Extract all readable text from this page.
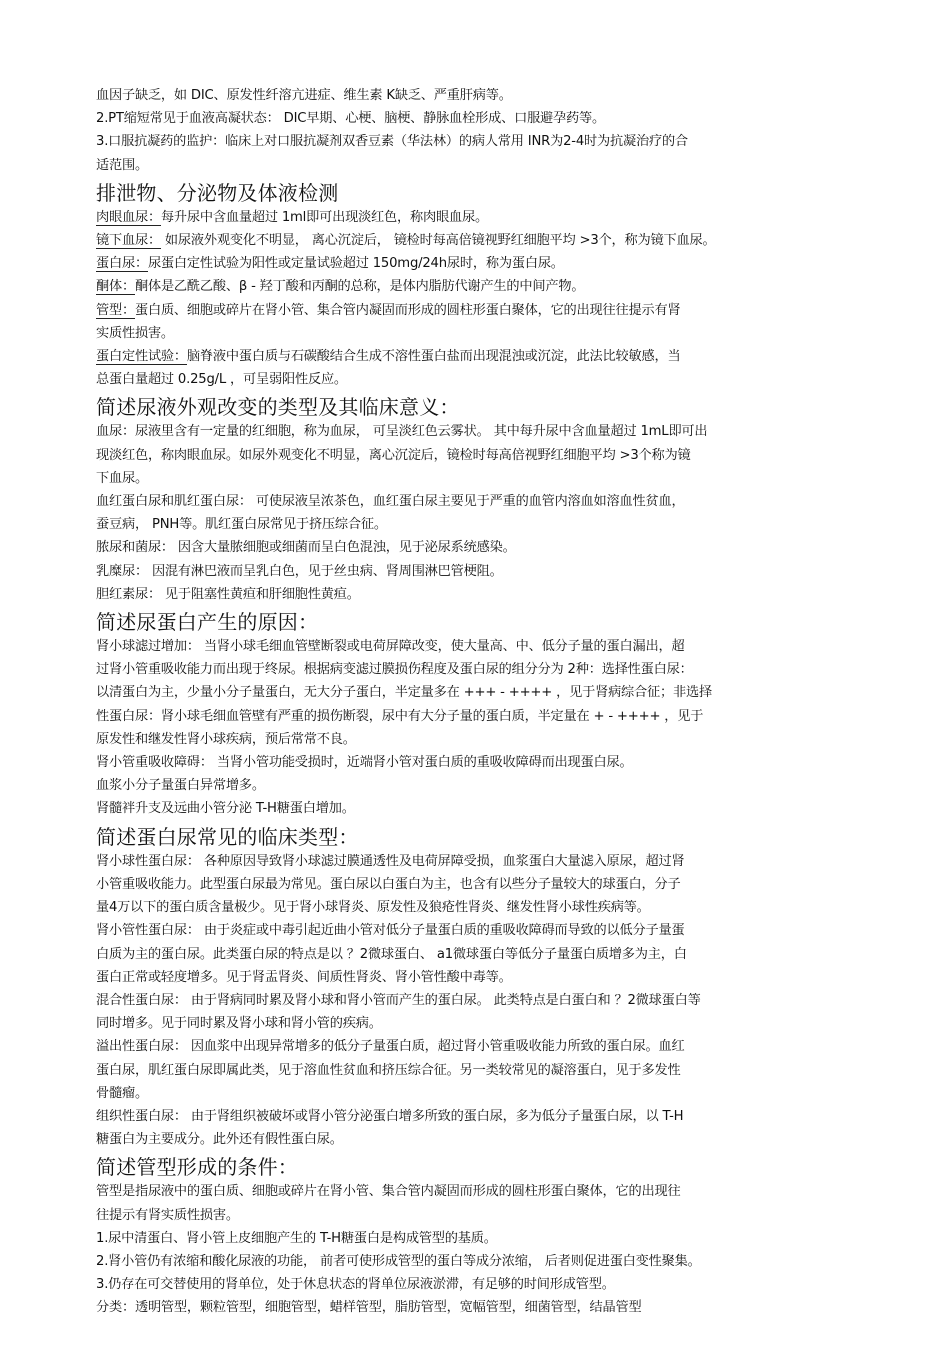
血因子缺乏，如 DIC、原发性纤溶亢进症、维生素 K缺乏、严重肝病等。
2.PT缩短常见于血液高凝状态： DIC早期、心梗、脑梗、静脉血栓形成、口服避孕药等。
3.口服抗凝药的监护：临床上对口服抗凝剂双香豆素（华法林）的病人常用 INR为2-4时为抗凝治疗的合
适范围。
排泄物、分泌物及体液检测
肉眼血尿：每升尿中含血量超过 1ml即可出现淡红色，称肉眼血尿。
镜下血尿： 如尿液外观变化不明显， 离心沉淀后， 镜检时每高倍镜视野红细胞平均 >3个，称为镜下血尿。
蛋白尿：尿蛋白定性试验为阳性或定量试验超过 150mg/24h尿时，称为蛋白尿。
酮体：酮体是乙酰乙酸、β - 羟丁酸和丙酮的总称，是体内脂肪代谢产生的中间产物。
管型：蛋白质、细胞或碎片在肾小管、集合管内凝固而形成的圆柱形蛋白聚体，它的出现往往提示有肾
实质性损害。
蛋白定性试验：脑脊液中蛋白质与石碳酸结合生成不溶性蛋白盐而出现混浊或沉淀，此法比较敏感，当
总蛋白量超过 0.25g/L ，可呈弱阳性反应。
简述尿液外观改变的类型及其临床意义：
血尿：尿液里含有一定量的红细胞，称为血尿， 可呈淡红色云雾状。 其中每升尿中含血量超过 1mL即可出
现淡红色，称肉眼血尿。如尿外观变化不明显，离心沉淀后，镜检时每高倍视野红细胞平均 >3个称为镜
下血尿。
血红蛋白尿和肌红蛋白尿： 可使尿液呈浓茶色，血红蛋白尿主要见于严重的血管内溶血如溶血性贫血，
蚕豆病， PNH等。肌红蛋白尿常见于挤压综合征。
脓尿和菌尿： 因含大量脓细胞或细菌而呈白色混浊，见于泌尿系统感染。
乳糜尿： 因混有淋巴液而呈乳白色，见于丝虫病、肾周围淋巴管梗阻。
胆红素尿： 见于阻塞性黄疸和肝细胞性黄疸。
简述尿蛋白产生的原因：
肾小球滤过增加： 当肾小球毛细血管壁断裂或电荷屏障改变，使大量高、中、低分子量的蛋白漏出，超
过肾小管重吸收能力而出现于终尿。根据病变滤过膜损伤程度及蛋白尿的组分分为 2种：选择性蛋白尿：
以清蛋白为主，少量小分子量蛋白，无大分子蛋白，半定量多在 +++ - ++++ ，见于肾病综合征；非选择
性蛋白尿：肾小球毛细血管壁有严重的损伤断裂，尿中有大分子量的蛋白质，半定量在 + - ++++ ，见于
原发性和继发性肾小球疾病，预后常常不良。
肾小管重吸收障碍： 当肾小管功能受损时，近端肾小管对蛋白质的重吸收障碍而出现蛋白尿。
血浆小分子量蛋白异常增多。
肾髓袢升支及远曲小管分泌 T-H糖蛋白增加。
简述蛋白尿常见的临床类型：
肾小球性蛋白尿： 各种原因导致肾小球滤过膜通透性及电荷屏障受损，血浆蛋白大量滤入原尿，超过肾
小管重吸收能力。此型蛋白尿最为常见。蛋白尿以白蛋白为主，也含有以些分子量较大的球蛋白，分子
量4万以下的蛋白质含量极少。见于肾小球肾炎、原发性及狼疮性肾炎、继发性肾小球性疾病等。
肾小管性蛋白尿： 由于炎症或中毒引起近曲小管对低分子量蛋白质的重吸收障碍而导致的以低分子量蛋
白质为主的蛋白尿。此类蛋白尿的特点是以 ？2微球蛋白、 a1微球蛋白等低分子量蛋白质增多为主，白
蛋白正常或轻度增多。见于肾盂肾炎、间质性肾炎、肾小管性酸中毒等。
混合性蛋白尿： 由于肾病同时累及肾小球和肾小管而产生的蛋白尿。 此类特点是白蛋白和 ？2微球蛋白等
同时增多。见于同时累及肾小球和肾小管的疾病。
溢出性蛋白尿： 因血浆中出现异常增多的低分子量蛋白质，超过肾小管重吸收能力所致的蛋白尿。血红
蛋白尿，肌红蛋白尿即属此类，见于溶血性贫血和挤压综合征。另一类较常见的凝溶蛋白，见于多发性
骨髓瘤。
组织性蛋白尿： 由于肾组织被破坏或肾小管分泌蛋白增多所致的蛋白尿，多为低分子量蛋白尿，以 T-H
糖蛋白为主要成分。此外还有假性蛋白尿。
简述管型形成的条件：
管型是指尿液中的蛋白质、细胞或碎片在肾小管、集合管内凝固而形成的圆柱形蛋白聚体，它的出现往
往提示有肾实质性损害。
1.尿中清蛋白、肾小管上皮细胞产生的 T-H糖蛋白是构成管型的基质。
2.肾小管仍有浓缩和酸化尿液的功能， 前者可使形成管型的蛋白等成分浓缩， 后者则促进蛋白变性聚集。
3.仍存在可交替使用的肾单位，处于休息状态的肾单位尿液淤滞，有足够的时间形成管型。
分类：透明管型，颗粒管型，细胞管型，蜡样管型，脂肪管型，宽幅管型，细菌管型，结晶管型
